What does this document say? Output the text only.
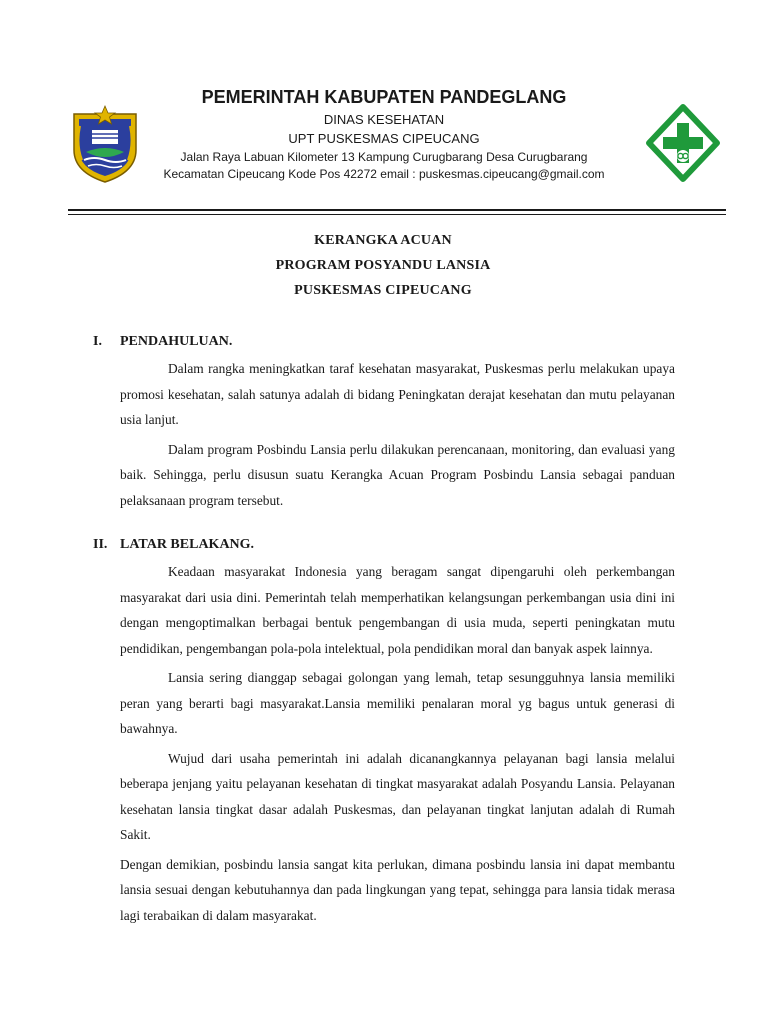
PEMERINTAH KABUPATEN PANDEGLANG
DINAS KESEHATAN
UPT PUSKESMAS CIPEUCANG
Jalan Raya Labuan Kilometer 13 Kampung Curugbarang Desa Curugbarang
Kecamatan Cipeucang Kode Pos 42272 email : puskesmas.cipeucang@gmail.com
KERANGKA ACUAN
PROGRAM POSYANDU LANSIA
PUSKESMAS CIPEUCANG
I. PENDAHULUAN.

Dalam rangka meningkatkan taraf kesehatan masyarakat, Puskesmas perlu melakukan upaya promosi kesehatan, salah satunya adalah di bidang Peningkatan derajat kesehatan dan mutu pelayanan usia lanjut.

Dalam program Posbindu Lansia perlu dilakukan perencanaan, monitoring, dan evaluasi yang baik. Sehingga, perlu disusun suatu Kerangka Acuan Program Posbindu Lansia sebagai panduan pelaksanaan program tersebut.

II. LATAR BELAKANG.

Keadaan masyarakat Indonesia yang beragam sangat dipengaruhi oleh perkembangan masyarakat dari usia dini. Pemerintah telah memperhatikan kelangsungan perkembangan usia dini ini dengan mengoptimalkan berbagai bentuk pengembangan di usia muda, seperti peningkatan mutu pendidikan, pengembangan pola-pola intelektual, pola pendidikan moral dan banyak aspek lainnya.

Lansia sering dianggap sebagai golongan yang lemah, tetap sesungguhnya lansia memiliki peran yang berarti bagi masyarakat.Lansia memiliki penalaran moral yg bagus untuk generasi di bawahnya.

Wujud dari usaha pemerintah ini adalah dicanangkannya pelayanan bagi lansia melalui beberapa jenjang yaitu pelayanan kesehatan di tingkat masyarakat adalah Posyandu Lansia. Pelayanan kesehatan lansia tingkat dasar adalah Puskesmas, dan pelayanan tingkat lanjutan adalah di Rumah Sakit.

Dengan demikian, posbindu lansia sangat kita perlukan, dimana posbindu lansia ini dapat membantu lansia sesuai dengan kebutuhannya dan pada lingkungan yang tepat, sehingga para lansia tidak merasa lagi terabaikan di dalam masyarakat.
